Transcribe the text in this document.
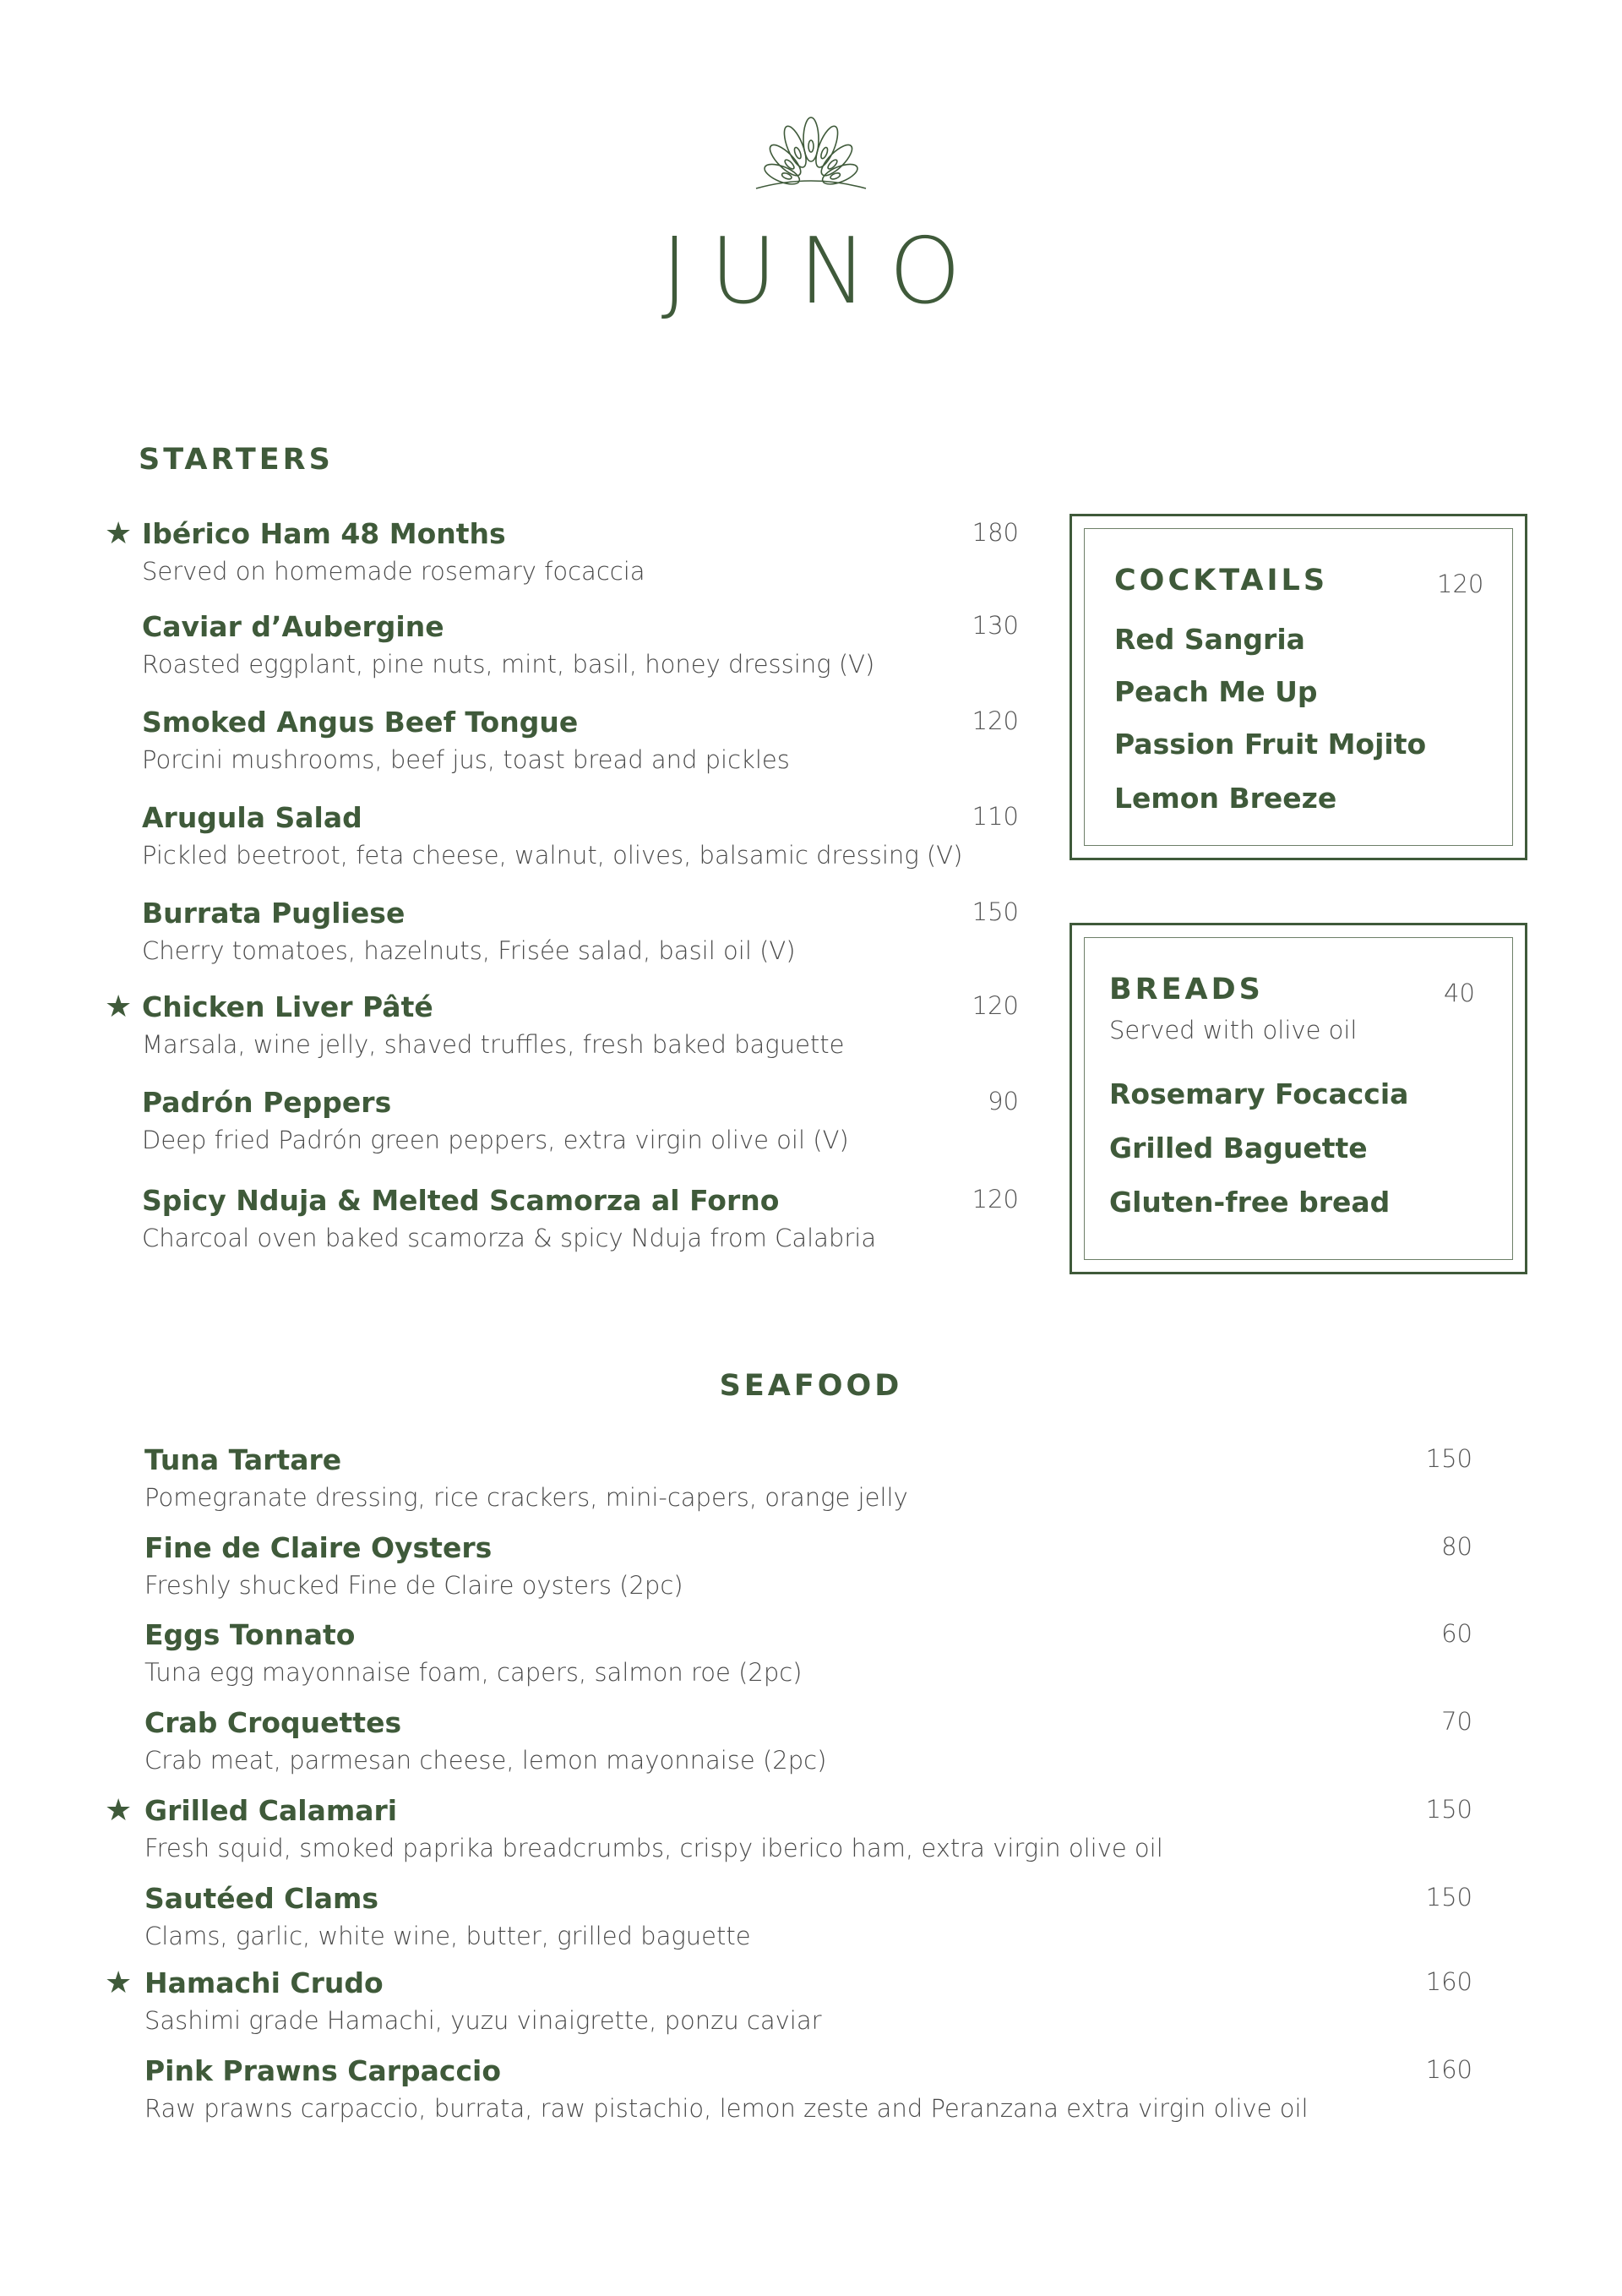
JUNO
STARTERS
★ Ibérico Ham 48 Months
Served on homemade rosemary focaccia
180
Caviar d’Aubergine
Roasted eggplant, pine nuts, mint, basil, honey dressing (V)
130
Smoked Angus Beef Tongue
Porcini mushrooms, beef jus, toast bread and pickles
120
Arugula Salad
Pickled beetroot, feta cheese, walnut, olives, balsamic dressing (V)
110
Burrata Pugliese
Cherry tomatoes, hazelnuts, Frisée salad, basil oil (V)
150
★ Chicken Liver Pâté
Marsala, wine jelly, shaved truffles, fresh baked baguette
120
Padrón Peppers
Deep fried Padrón green peppers, extra virgin olive oil (V)
90
Spicy Nduja & Melted Scamorza al Forno
Charcoal oven baked scamorza & spicy Nduja from Calabria
120
COCKTAILS	120
Red Sangria
Peach Me Up
Passion Fruit Mojito
Lemon Breeze
BREADS	40
Served with olive oil
Rosemary Focaccia
Grilled Baguette
Gluten-free bread
SEAFOOD
Tuna Tartare
Pomegranate dressing, rice crackers, mini-capers, orange jelly
150
Fine de Claire Oysters
Freshly shucked Fine de Claire oysters (2pc)
80
Eggs Tonnato
Tuna egg mayonnaise foam, capers, salmon roe (2pc)
60
Crab Croquettes
Crab meat, parmesan cheese, lemon mayonnaise (2pc)
70
★ Grilled Calamari
Fresh squid, smoked paprika breadcrumbs, crispy iberico ham, extra virgin olive oil
150
Sautéed Clams
Clams, garlic, white wine, butter, grilled baguette
150
★ Hamachi Crudo
Sashimi grade Hamachi, yuzu vinaigrette, ponzu caviar
160
Pink Prawns Carpaccio
Raw prawns carpaccio, burrata, raw pistachio, lemon zeste and Peranzana extra virgin olive oil
160
